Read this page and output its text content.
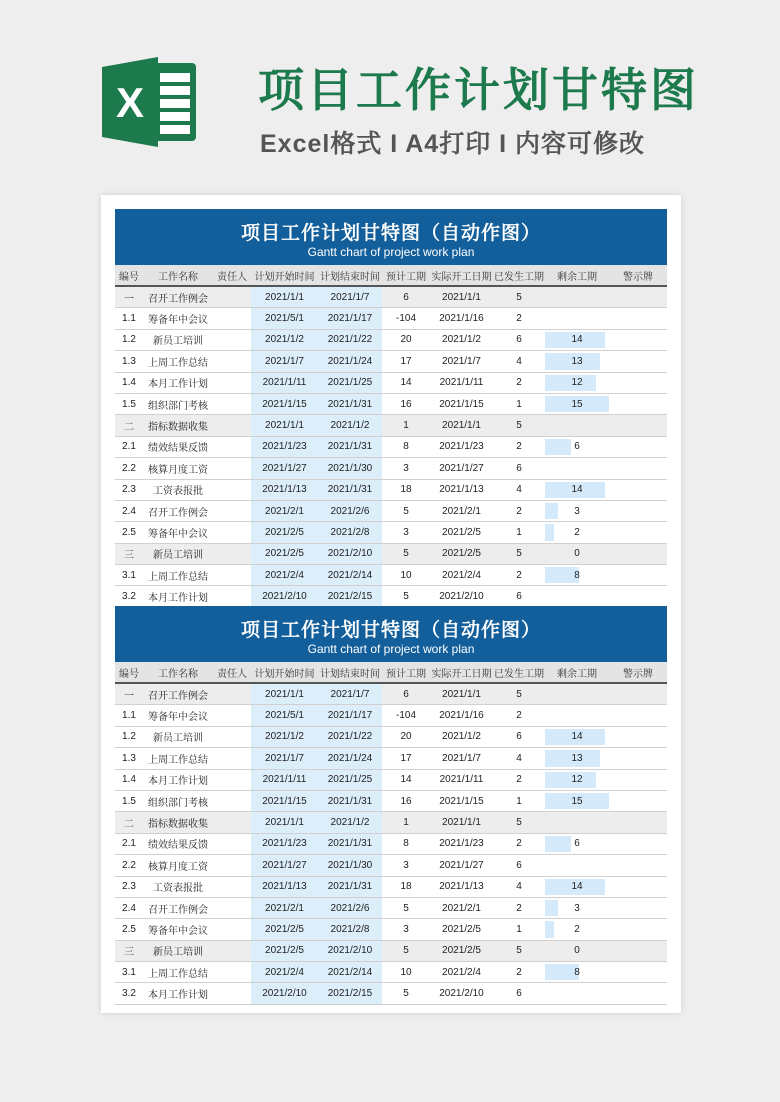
X 项目工作计划甘特图
Excel格式 I A4打印 I 内容可修改
项目工作计划甘特图（自动作图）
Gantt chart of project work plan
编号	工作名称	责任人	计划开始时间	计划结束时间	预计工期	实际开工日期	已发生工期	剩余工期	警示牌
一	召开工作例会		2021/1/1	2021/1/7	6	2021/1/1	5		
1.1	筹备年中会议		2021/5/1	2021/1/17	-104	2021/1/16	2		
1.2	新员工培训		2021/1/2	2021/1/22	20	2021/1/2	6	14	
1.3	上周工作总结		2021/1/7	2021/1/24	17	2021/1/7	4	13	
1.4	本月工作计划		2021/1/11	2021/1/25	14	2021/1/11	2	12	
1.5	组织部门考核		2021/1/15	2021/1/31	16	2021/1/15	1	15	
二	指标数据收集		2021/1/1	2021/1/2	1	2021/1/1	5		
2.1	绩效结果反馈		2021/1/23	2021/1/31	8	2021/1/23	2	6	
2.2	核算月度工资		2021/1/27	2021/1/30	3	2021/1/27	6		
2.3	工资表报批		2021/1/13	2021/1/31	18	2021/1/13	4	14	
2.4	召开工作例会		2021/2/1	2021/2/6	5	2021/2/1	2	3	
2.5	筹备年中会议		2021/2/5	2021/2/8	3	2021/2/5	1	2	
三	新员工培训		2021/2/5	2021/2/10	5	2021/2/5	5	0	
3.1	上周工作总结		2021/2/4	2021/2/14	10	2021/2/4	2	8	
3.2	本月工作计划		2021/2/10	2021/2/15	5	2021/2/10	6		
项目工作计划甘特图（自动作图）
Gantt chart of project work plan
编号	工作名称	责任人	计划开始时间	计划结束时间	预计工期	实际开工日期	已发生工期	剩余工期	警示牌
一	召开工作例会		2021/1/1	2021/1/7	6	2021/1/1	5		
1.1	筹备年中会议		2021/5/1	2021/1/17	-104	2021/1/16	2		
1.2	新员工培训		2021/1/2	2021/1/22	20	2021/1/2	6	14	
1.3	上周工作总结		2021/1/7	2021/1/24	17	2021/1/7	4	13	
1.4	本月工作计划		2021/1/11	2021/1/25	14	2021/1/11	2	12	
1.5	组织部门考核		2021/1/15	2021/1/31	16	2021/1/15	1	15	
二	指标数据收集		2021/1/1	2021/1/2	1	2021/1/1	5		
2.1	绩效结果反馈		2021/1/23	2021/1/31	8	2021/1/23	2	6	
2.2	核算月度工资		2021/1/27	2021/1/30	3	2021/1/27	6		
2.3	工资表报批		2021/1/13	2021/1/31	18	2021/1/13	4	14	
2.4	召开工作例会		2021/2/1	2021/2/6	5	2021/2/1	2	3	
2.5	筹备年中会议		2021/2/5	2021/2/8	3	2021/2/5	1	2	
三	新员工培训		2021/2/5	2021/2/10	5	2021/2/5	5	0	
3.1	上周工作总结		2021/2/4	2021/2/14	10	2021/2/4	2	8	
3.2	本月工作计划		2021/2/10	2021/2/15	5	2021/2/10	6		
